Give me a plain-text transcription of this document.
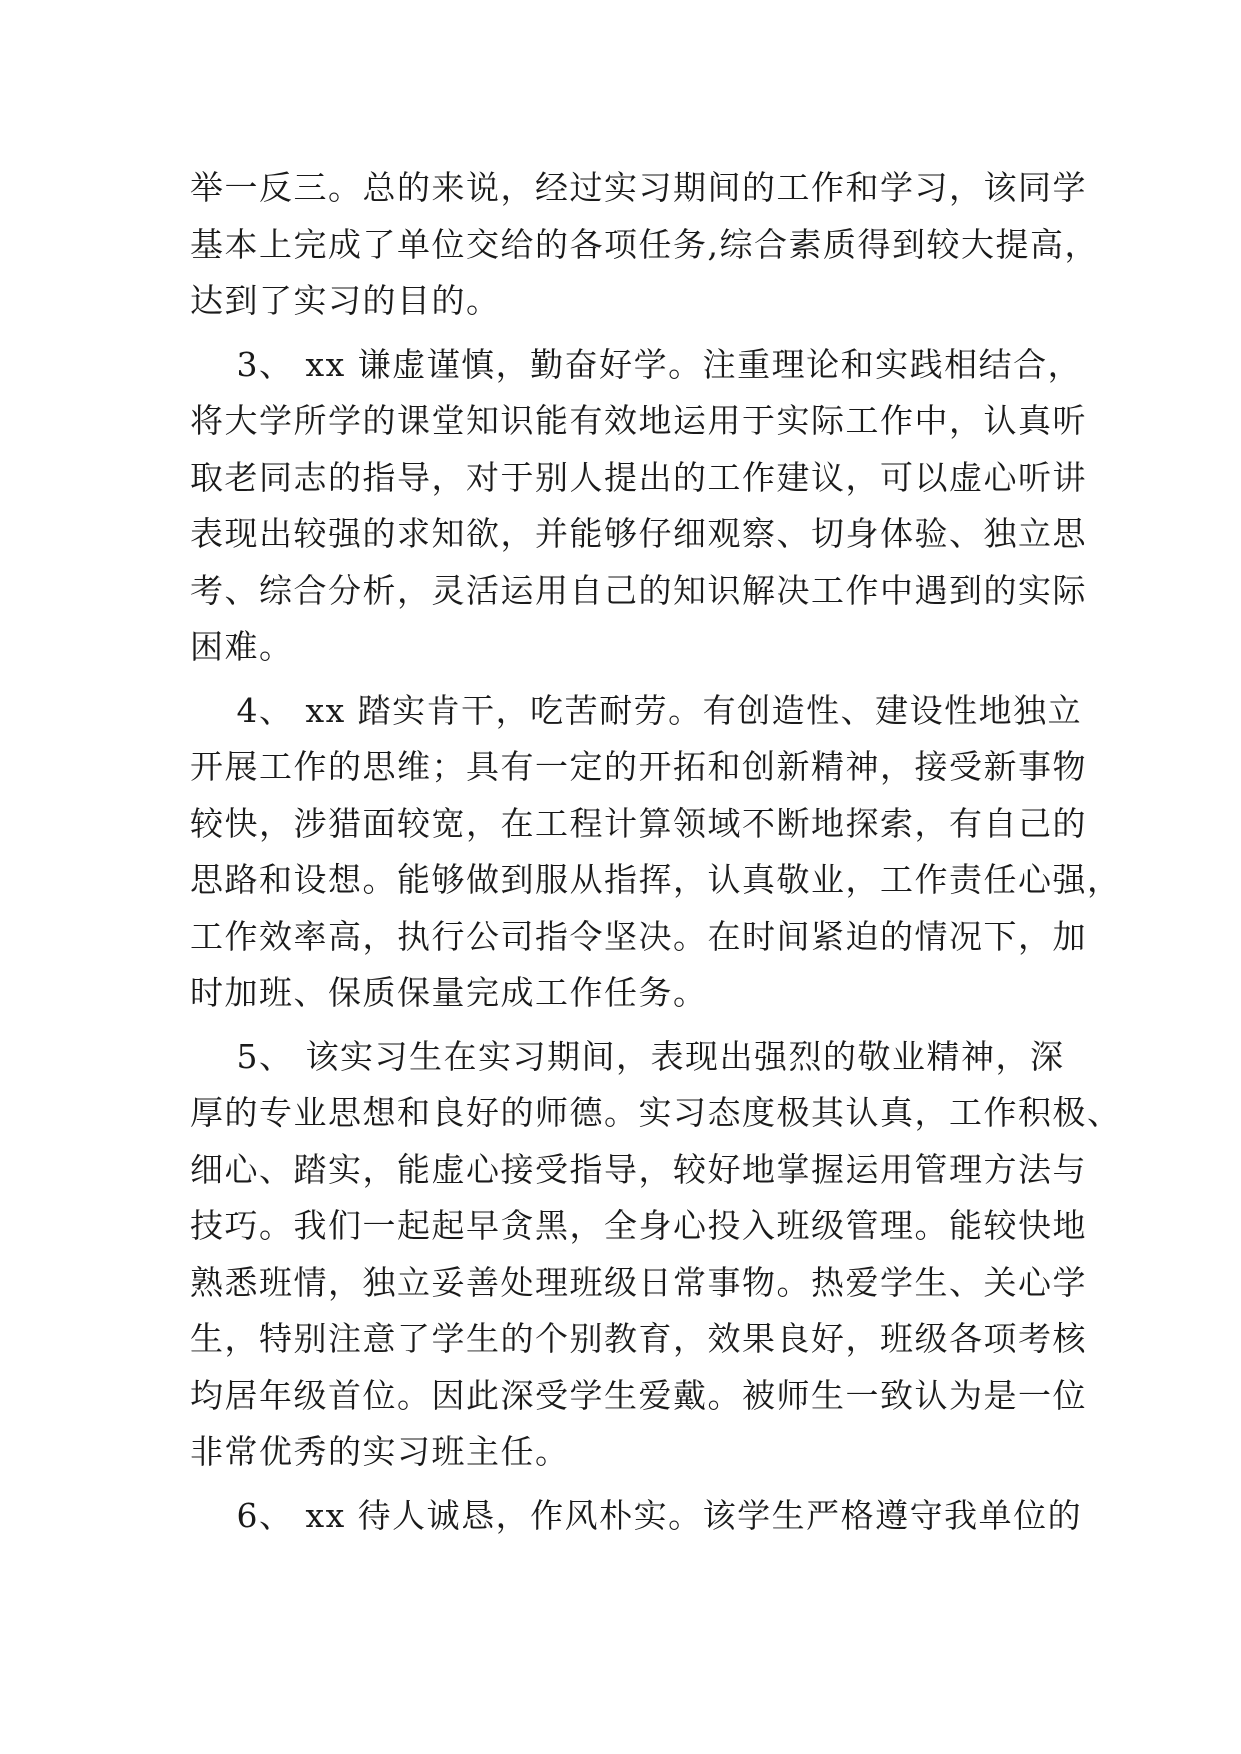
举一反三。总的来说，经过实习期间的工作和学习，该同学
基本上完成了单位交给的各项任务,综合素质得到较大提高，
达到了实习的目的。
　 3、 xx 谦虚谨慎，勤奋好学。注重理论和实践相结合，
将大学所学的课堂知识能有效地运用于实际工作中，认真听
取老同志的指导，对于别人提出的工作建议，可以虚心听讲
表现出较强的求知欲，并能够仔细观察、切身体验、独立思
考、综合分析，灵活运用自己的知识解决工作中遇到的实际
困难。
　 4、 xx 踏实肯干，吃苦耐劳。有创造性、建设性地独立
开展工作的思维；具有一定的开拓和创新精神，接受新事物
较快，涉猎面较宽，在工程计算领域不断地探索，有自己的
思路和设想。能够做到服从指挥，认真敬业，工作责任心强，
工作效率高，执行公司指令坚决。在时间紧迫的情况下，加
时加班、保质保量完成工作任务。
　 5、 该实习生在实习期间，表现出强烈的敬业精神，深
厚的专业思想和良好的师德。实习态度极其认真，工作积极、
细心、踏实，能虚心接受指导，较好地掌握运用管理方法与
技巧。我们一起起早贪黑，全身心投入班级管理。能较快地
熟悉班情，独立妥善处理班级日常事物。热爱学生、关心学
生，特别注意了学生的个别教育，效果良好，班级各项考核
均居年级首位。因此深受学生爱戴。被师生一致认为是一位
非常优秀的实习班主任。
　 6、 xx 待人诚恳，作风朴实。该学生严格遵守我单位的
